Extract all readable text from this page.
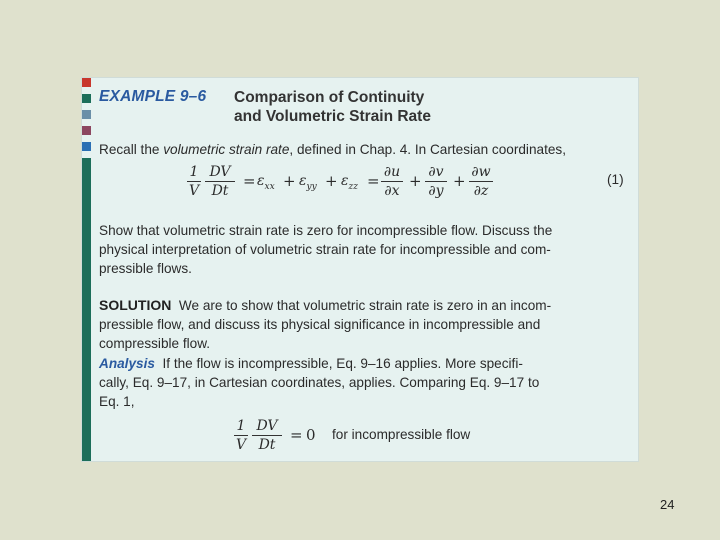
EXAMPLE 9–6 Comparison of Continuity
and Volumetric Strain Rate
Recall the volumetric strain rate, defined in Chap. 4. In Cartesian coordinates,
$\frac{1}{V} \frac{DV}{Dt} = \varepsilon_{xx} + \varepsilon_{yy} + \varepsilon_{zz} = \frac{\partial u}{\partial x} + \frac{\partial v}{\partial y} + \frac{\partial w}{\partial z}$	(1)
Show that volumetric strain rate is zero for incompressible flow. Discuss the
physical interpretation of volumetric strain rate for incompressible and com-
pressible flows.
SOLUTION We are to show that volumetric strain rate is zero in an incom-
pressible flow, and discuss its physical significance in incompressible and
compressible flow.
Analysis If the flow is incompressible, Eq. 9–16 applies. More specifi-
cally, Eq. 9–17, in Cartesian coordinates, applies. Comparing Eq. 9–17 to
Eq. 1,
$\frac{1}{V} \frac{DV}{Dt} = 0$ for incompressible flow
24
